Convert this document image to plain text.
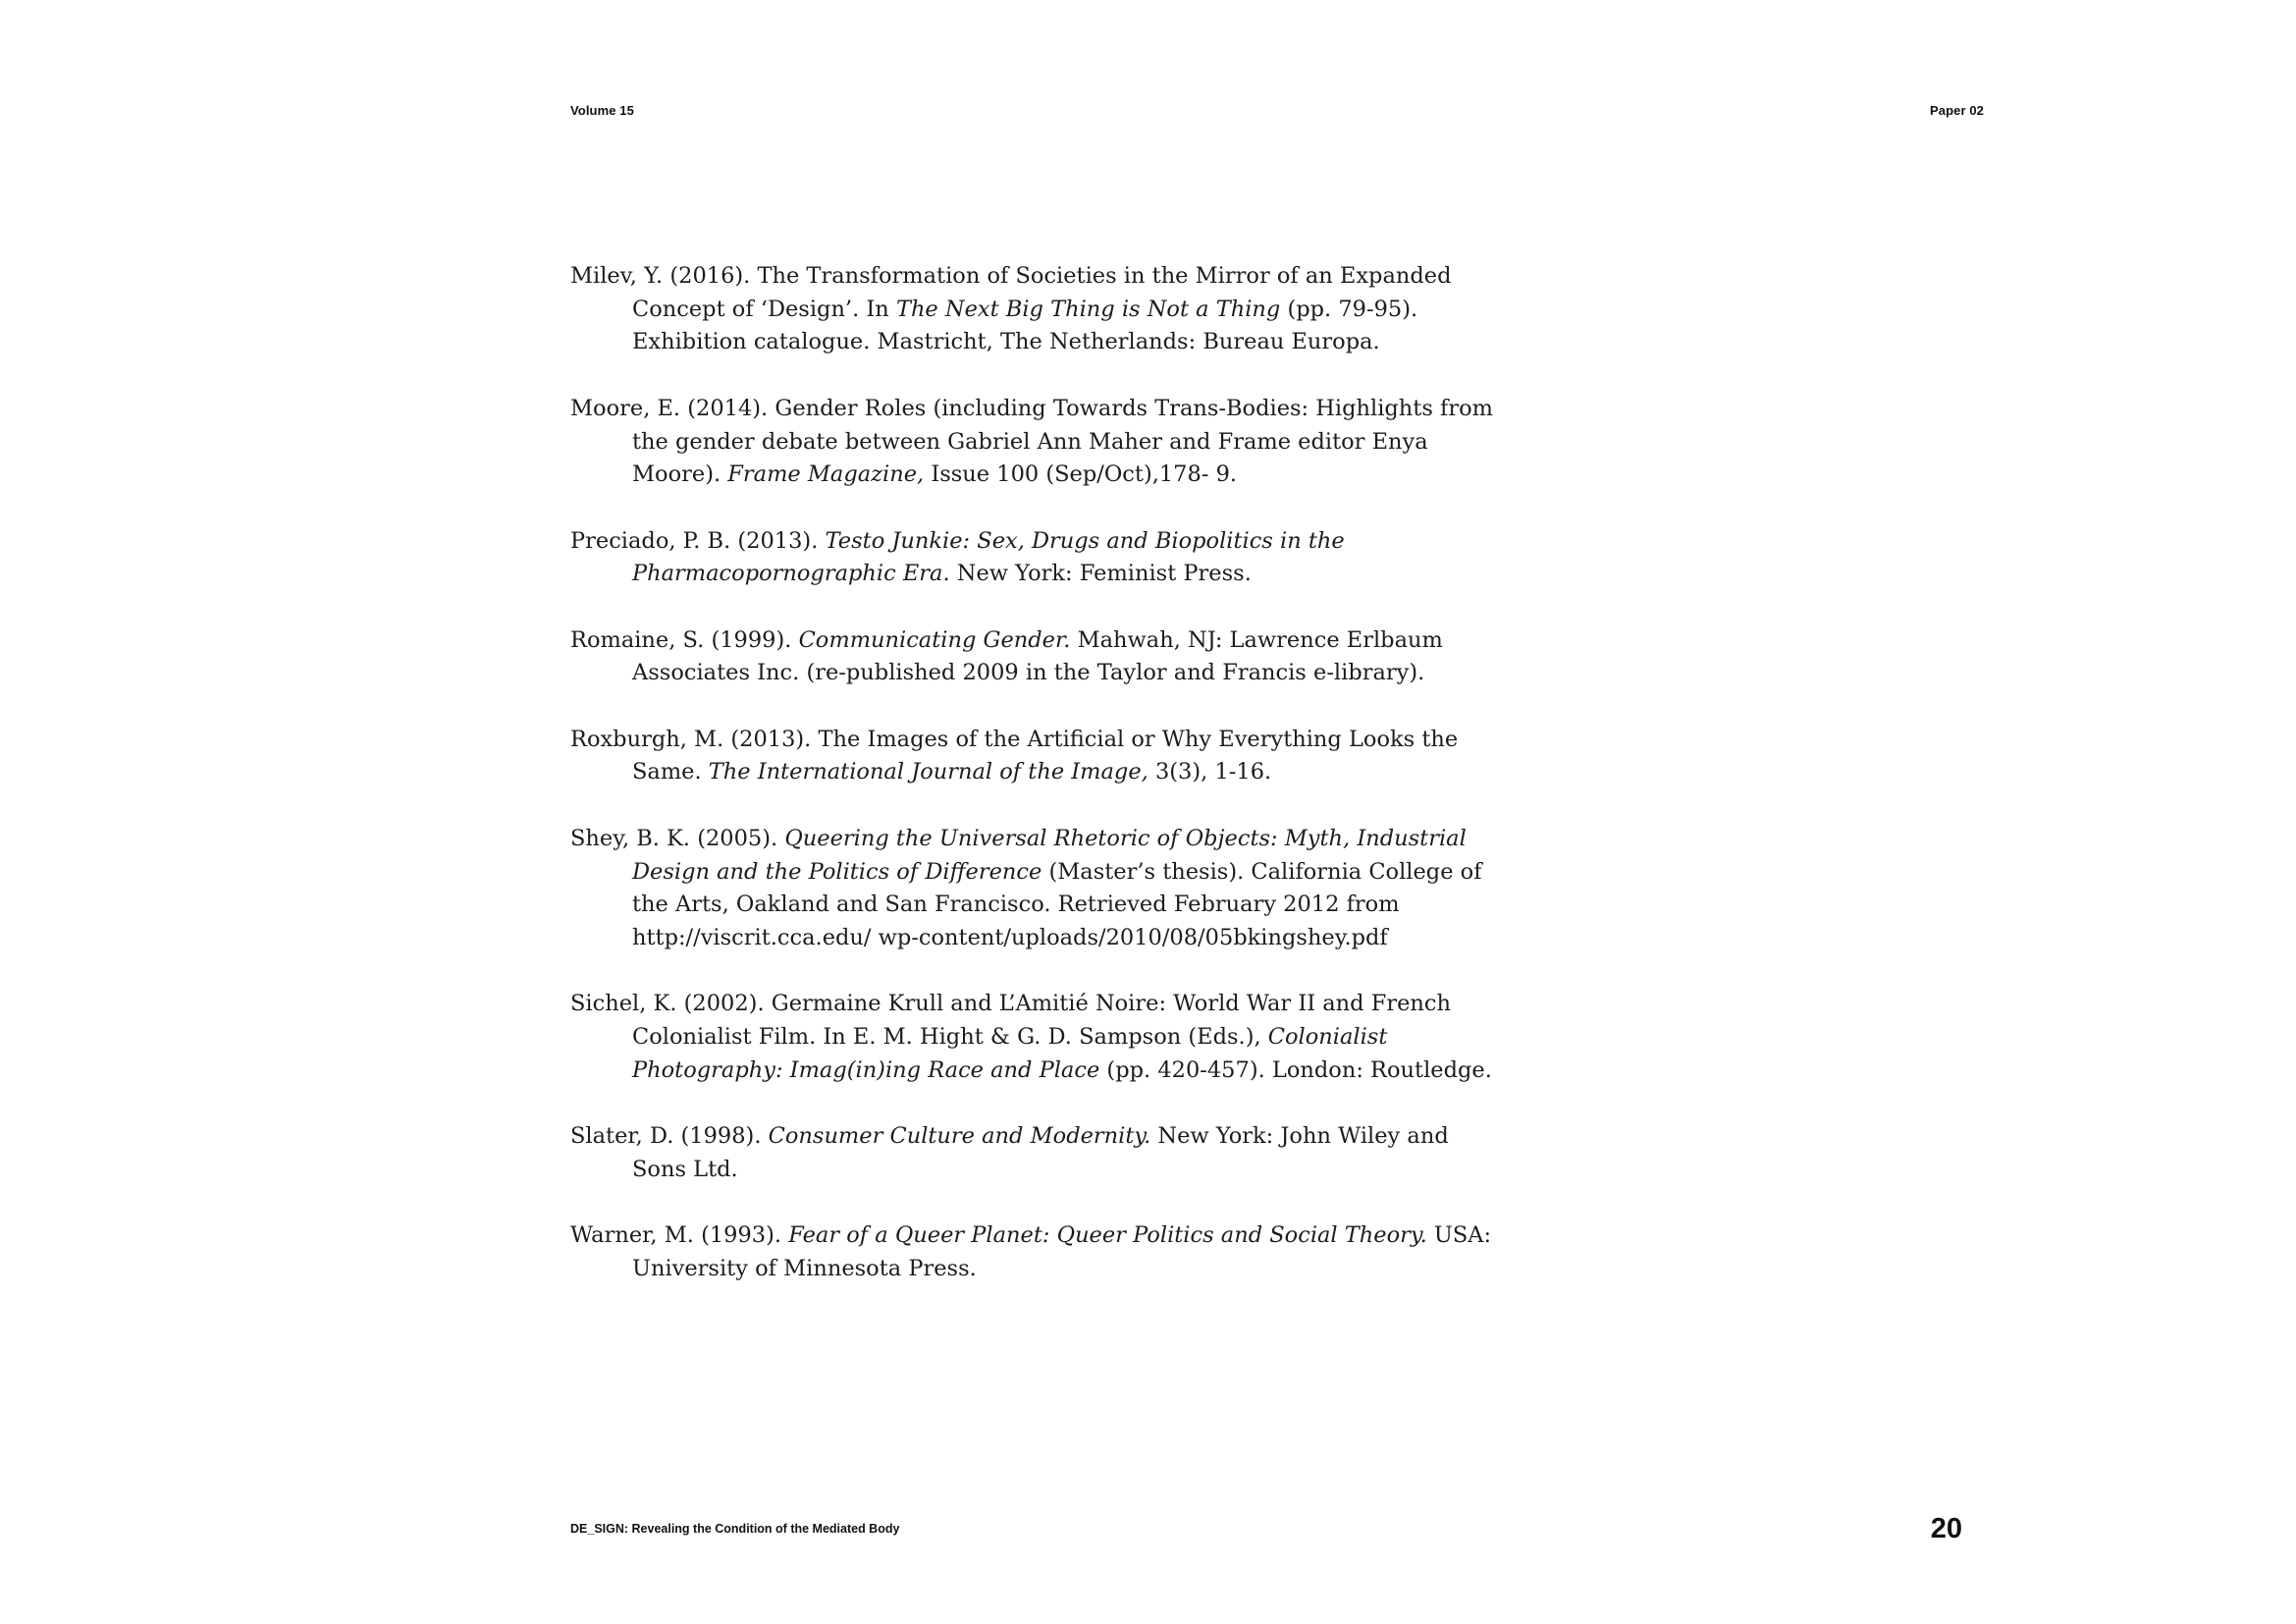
Volume 15	Paper 02

Milev, Y. (2016). The Transformation of Societies in the Mirror of an Expanded Concept of ‘Design’. In The Next Big Thing is Not a Thing (pp. 79-95). Exhibition catalogue. Mastricht, The Netherlands: Bureau Europa.

Moore, E. (2014). Gender Roles (including Towards Trans-Bodies: Highlights from the gender debate between Gabriel Ann Maher and Frame editor Enya Moore). Frame Magazine, Issue 100 (Sep/Oct),178- 9.

Preciado, P. B. (2013). Testo Junkie: Sex, Drugs and Biopolitics in the Pharmacopornographic Era. New York: Feminist Press.

Romaine, S. (1999). Communicating Gender. Mahwah, NJ: Lawrence Erlbaum Associates Inc. (re-published 2009 in the Taylor and Francis e-library).

Roxburgh, M. (2013). The Images of the Artificial or Why Everything Looks the Same. The International Journal of the Image, 3(3), 1-16.

Shey, B. K. (2005). Queering the Universal Rhetoric of Objects: Myth, Industrial Design and the Politics of Difference (Master’s thesis). California College of the Arts, Oakland and San Francisco. Retrieved February 2012 from http://viscrit.cca.edu/ wp-content/uploads/2010/08/05bkingshey.pdf

Sichel, K. (2002). Germaine Krull and L’Amitié Noire: World War II and French Colonialist Film. In E. M. Hight & G. D. Sampson (Eds.), Colonialist Photography: Imag(in)ing Race and Place (pp. 420-457). London: Routledge.

Slater, D. (1998). Consumer Culture and Modernity. New York: John Wiley and Sons Ltd.

Warner, M. (1993). Fear of a Queer Planet: Queer Politics and Social Theory. USA: University of Minnesota Press.

DE_SIGN: Revealing the Condition of the Mediated Body	20
